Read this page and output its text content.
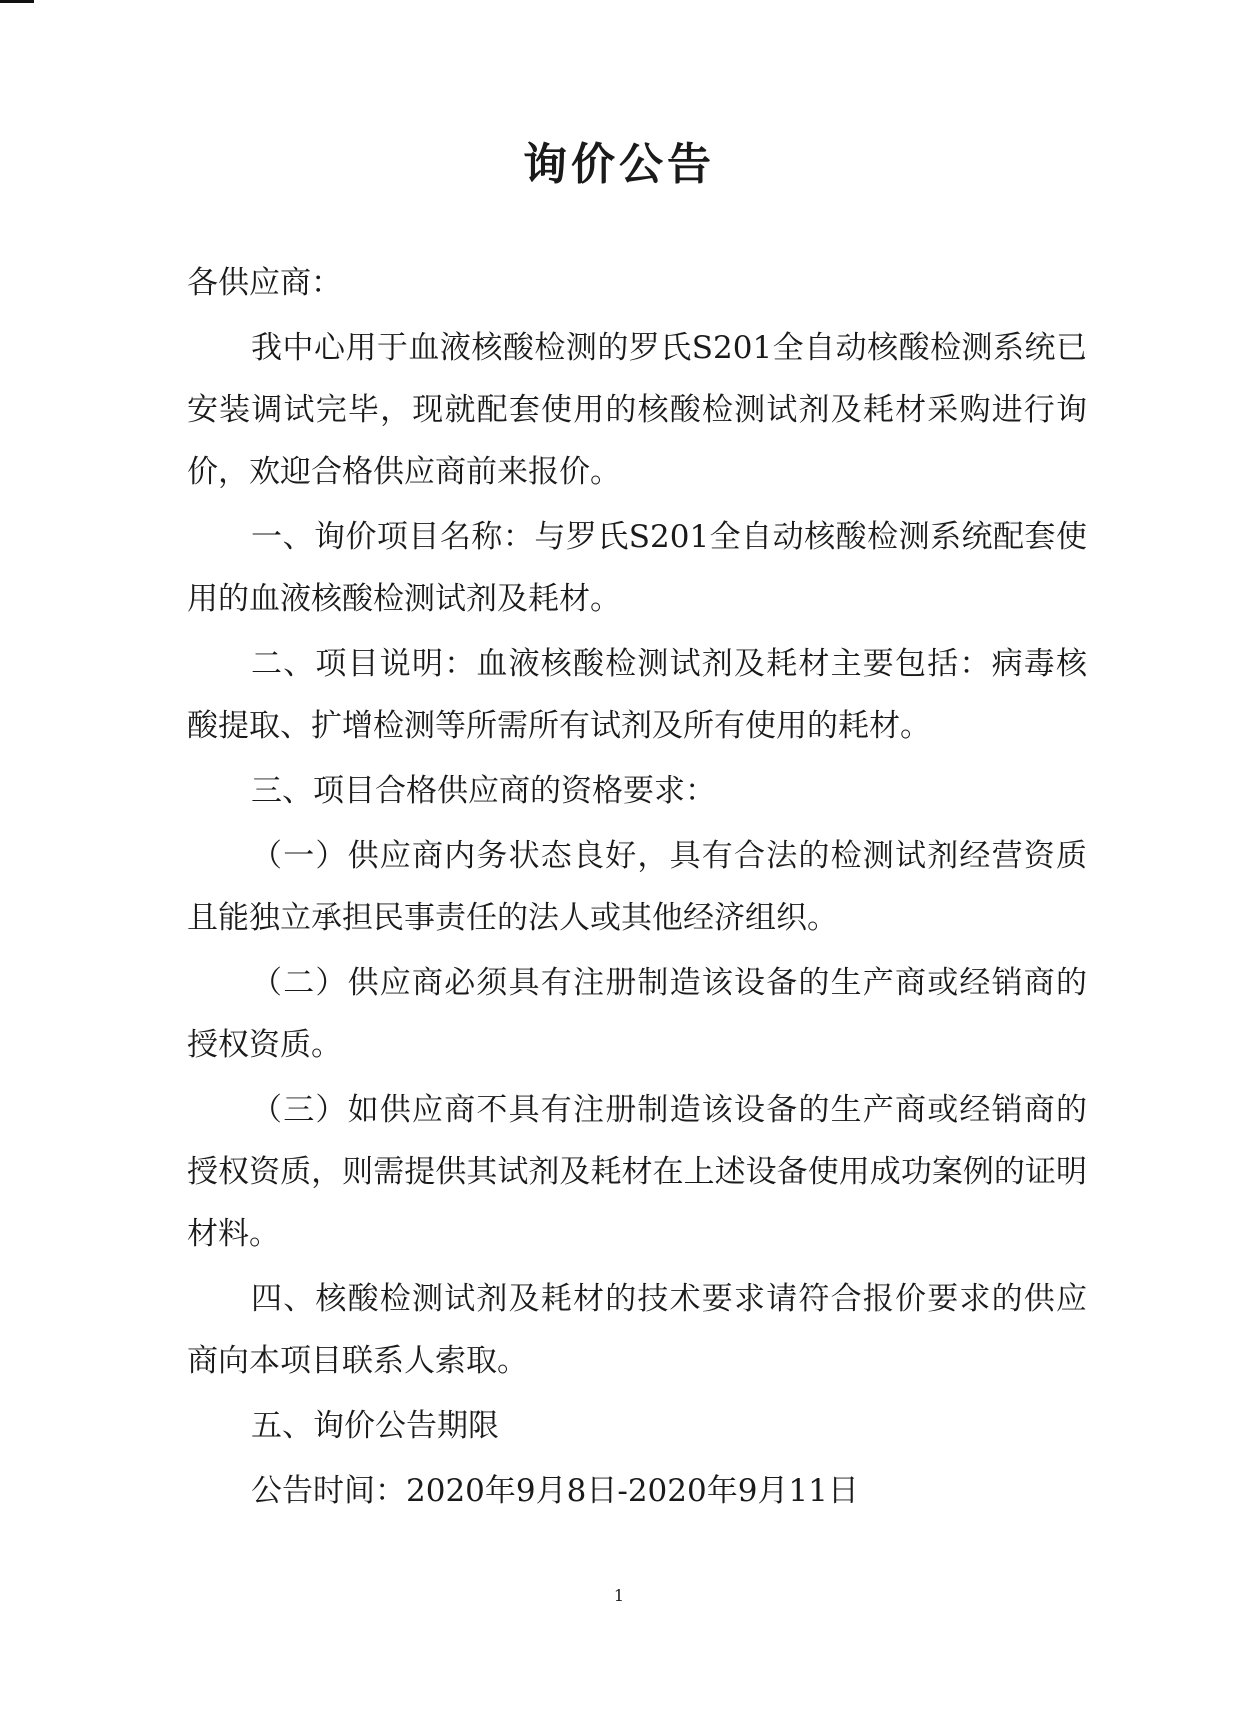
询价公告

各供应商：

我中心用于血液核酸检测的罗氏S201全自动核酸检测系统已安装调试完毕，现就配套使用的核酸检测试剂及耗材采购进行询价，欢迎合格供应商前来报价。

一、询价项目名称：与罗氏S201全自动核酸检测系统配套使用的血液核酸检测试剂及耗材。

二、项目说明：血液核酸检测试剂及耗材主要包括：病毒核酸提取、扩增检测等所需所有试剂及所有使用的耗材。

三、项目合格供应商的资格要求：

（一）供应商内务状态良好，具有合法的检测试剂经营资质且能独立承担民事责任的法人或其他经济组织。

（二）供应商必须具有注册制造该设备的生产商或经销商的授权资质。

（三）如供应商不具有注册制造该设备的生产商或经销商的授权资质，则需提供其试剂及耗材在上述设备使用成功案例的证明材料。

四、核酸检测试剂及耗材的技术要求请符合报价要求的供应商向本项目联系人索取。

五、询价公告期限

公告时间：2020年9月8日-2020年9月11日

1
